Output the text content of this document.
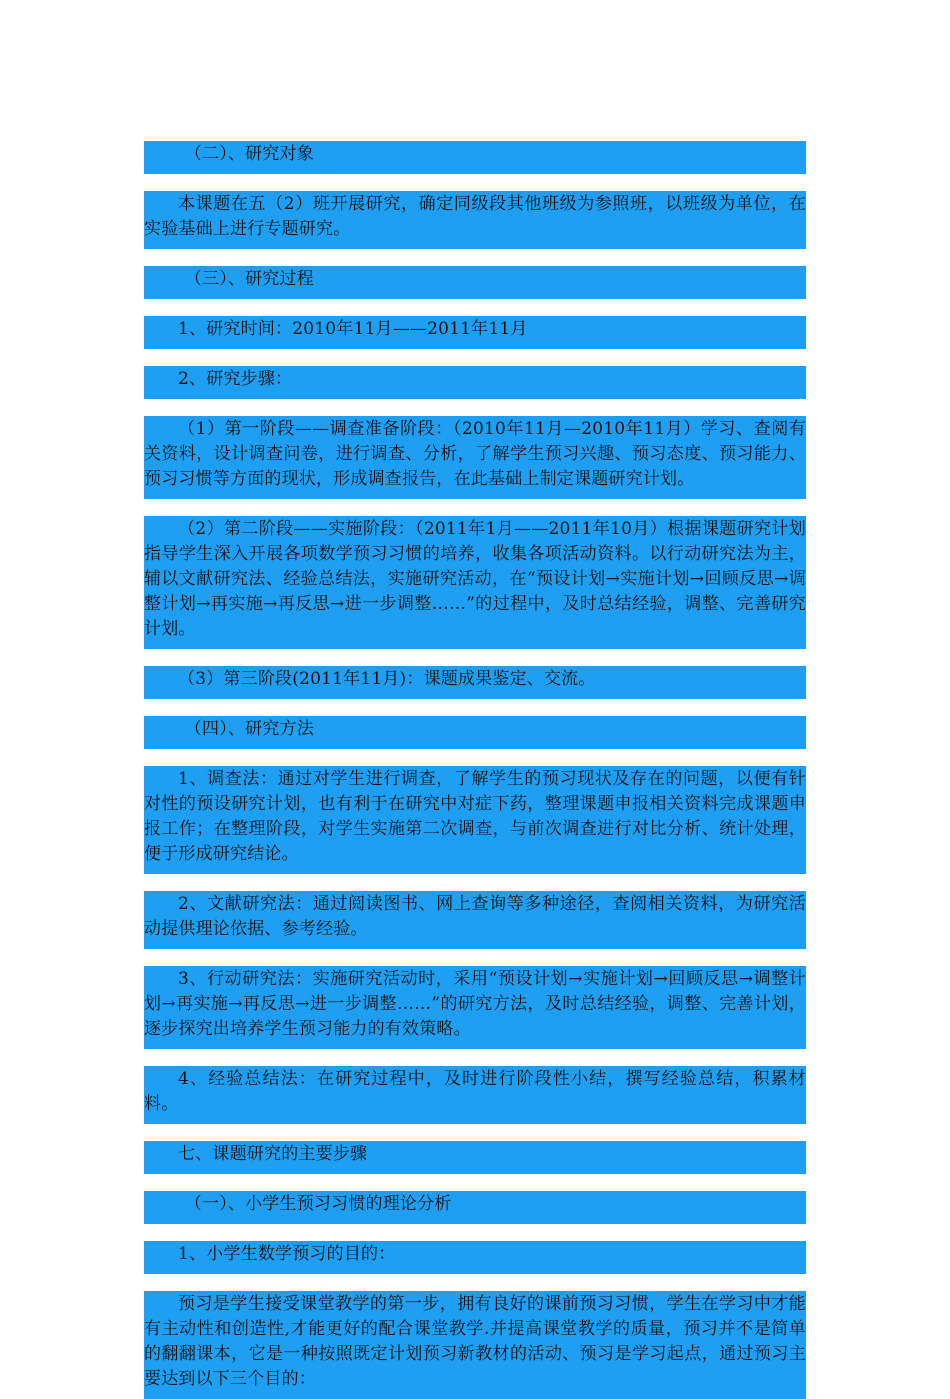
（二）、研究对象

本课题在五（2）班开展研究，确定同级段其他班级为参照班，以班级为单位，在实验基础上进行专题研究。

（三）、研究过程

1、研究时间：2010年11月——2011年11月

2、研究步骤：

（1）第一阶段——调查准备阶段：（2010年11月—2010年11月）学习、查阅有关资料，设计调查问卷，进行调查、分析，了解学生预习兴趣、预习态度、预习能力、预习习惯等方面的现状，形成调查报告，在此基础上制定课题研究计划。

（2）第二阶段——实施阶段：（2011年1月——2011年10月）根据课题研究计划指导学生深入开展各项数学预习习惯的培养，收集各项活动资料。以行动研究法为主，辅以文献研究法、经验总结法，实施研究活动，在“预设计划→实施计划→回顾反思→调整计划→再实施→再反思→进一步调整……”的过程中，及时总结经验，调整、完善研究计划。

（3）第三阶段(2011年11月)：课题成果鉴定、交流。

（四）、研究方法

1、调查法：通过对学生进行调查，了解学生的预习现状及存在的问题，以便有针对性的预设研究计划，也有利于在研究中对症下药，整理课题申报相关资料完成课题申报工作；在整理阶段，对学生实施第二次调查，与前次调查进行对比分析、统计处理，便于形成研究结论。

2、文献研究法：通过阅读图书、网上查询等多种途径，查阅相关资料，为研究活动提供理论依据、参考经验。

3、行动研究法：实施研究活动时，采用“预设计划→实施计划→回顾反思→调整计划→再实施→再反思→进一步调整……”的研究方法，及时总结经验，调整、完善计划，逐步探究出培养学生预习能力的有效策略。

4、经验总结法：在研究过程中，及时进行阶段性小结，撰写经验总结，积累材料。

七、课题研究的主要步骤

（一）、小学生预习习惯的理论分析

1、小学生数学预习的目的：

预习是学生接受课堂教学的第一步，拥有良好的课前预习习惯，学生在学习中才能有主动性和创造性,才能更好的配合课堂教学.并提高课堂教学的质量，预习并不是简单的翻翻课本，它是一种按照既定计划预习新教材的活动、预习是学习起点，通过预习主要达到以下三个目的：
